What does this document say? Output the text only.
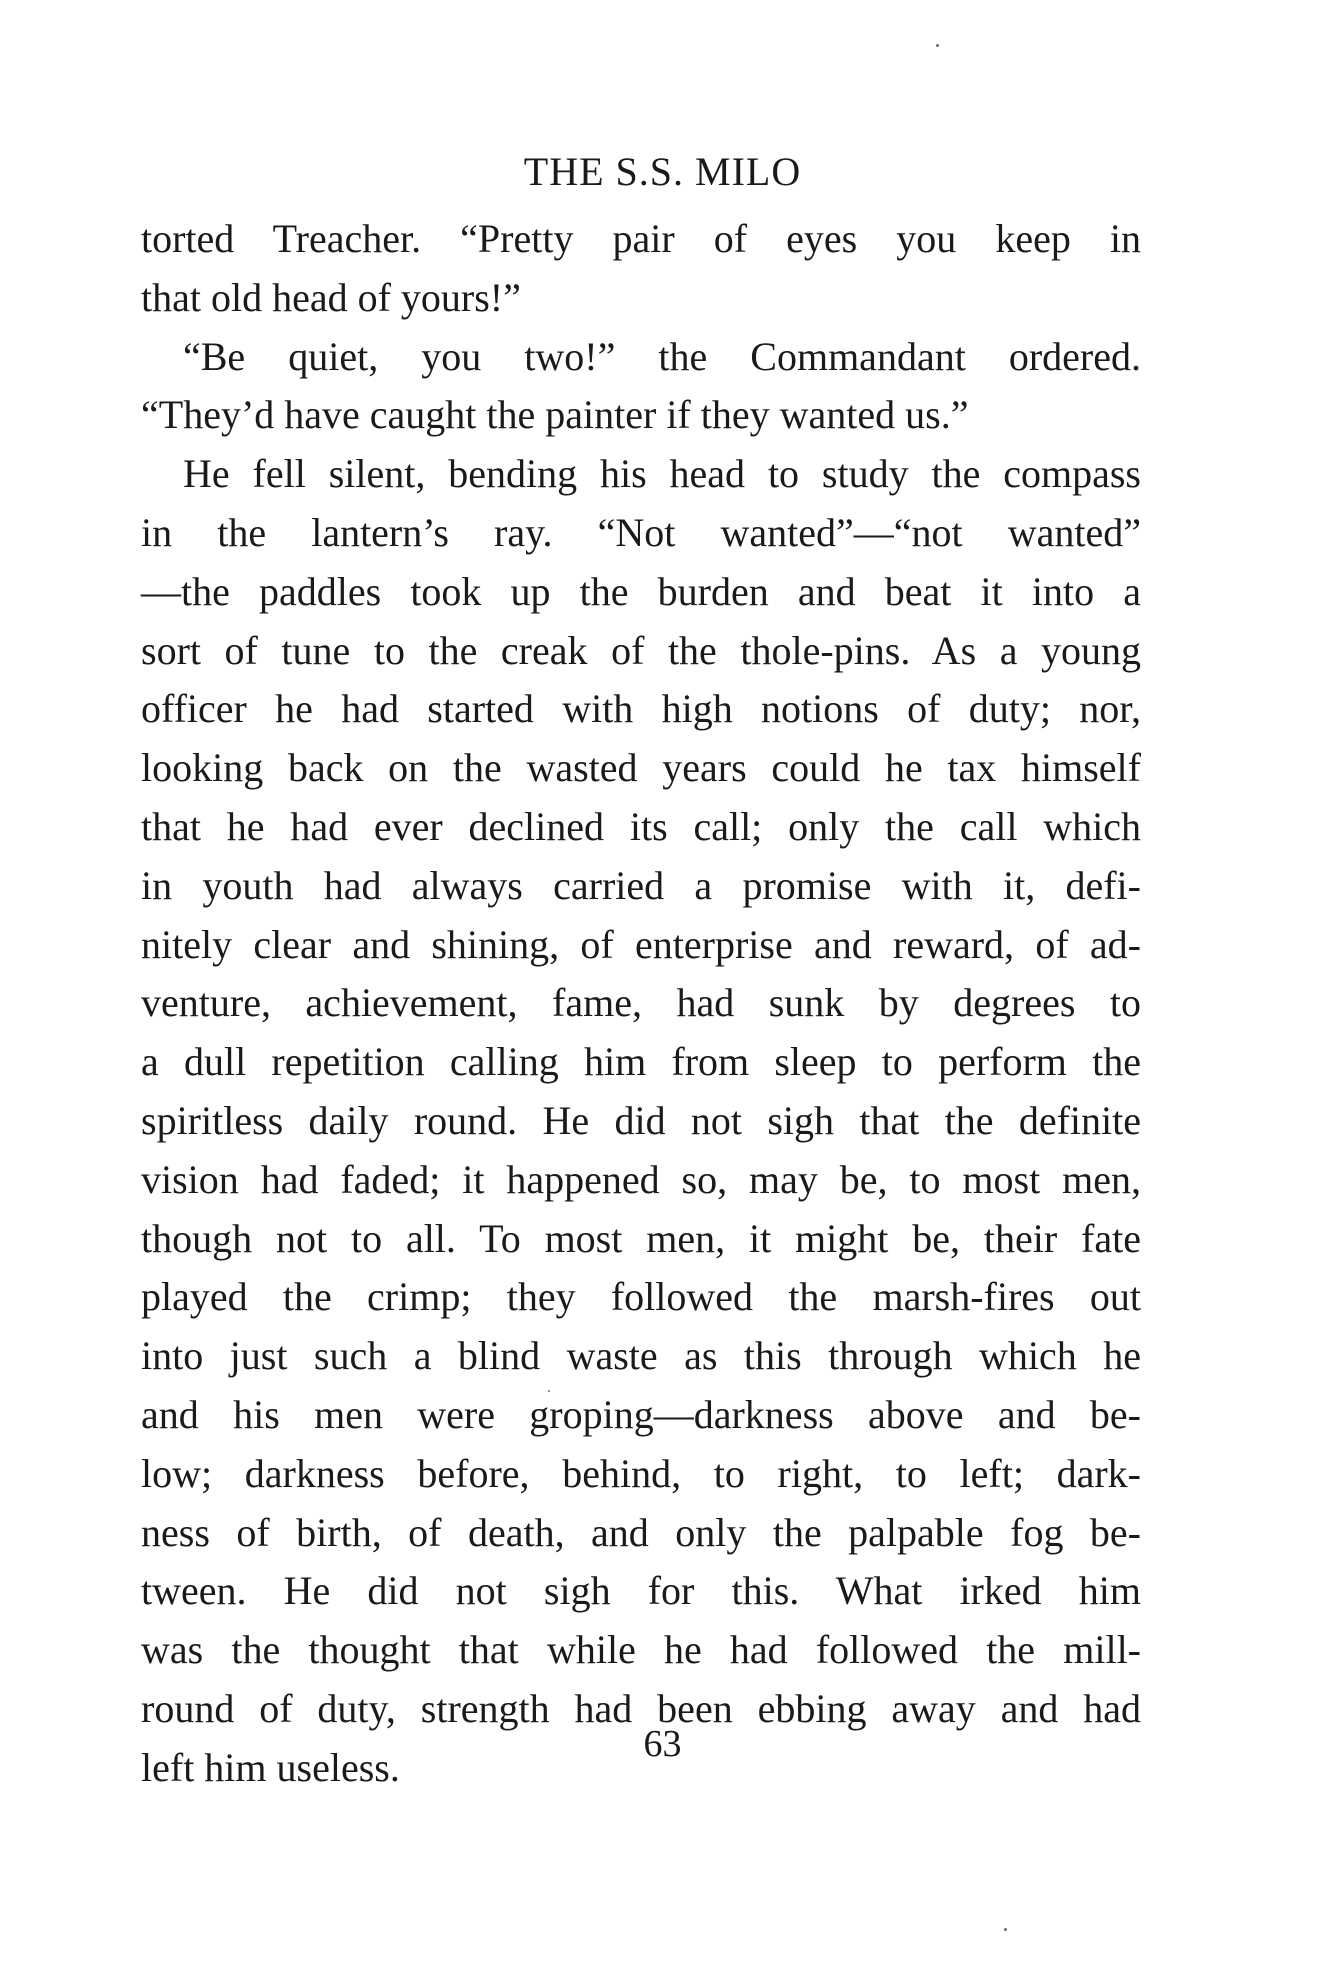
THE S.S. MILO
torted Treacher. “Pretty pair of eyes you keep in
that old head of yours!”
“Be quiet, you two!” the Commandant ordered.
“They’d have caught the painter if they wanted us.”
He fell silent, bending his head to study the compass
in the lantern’s ray. “Not wanted”—“not wanted”
—the paddles took up the burden and beat it into a
sort of tune to the creak of the thole-pins. As a young
officer he had started with high notions of duty; nor,
looking back on the wasted years could he tax himself
that he had ever declined its call; only the call which
in youth had always carried a promise with it, defi-
nitely clear and shining, of enterprise and reward, of ad-
venture, achievement, fame, had sunk by degrees to
a dull repetition calling him from sleep to perform the
spiritless daily round. He did not sigh that the definite
vision had faded; it happened so, may be, to most men,
though not to all. To most men, it might be, their fate
played the crimp; they followed the marsh-fires out
into just such a blind waste as this through which he
and his men were groping—darkness above and be-
low; darkness before, behind, to right, to left; dark-
ness of birth, of death, and only the palpable fog be-
tween. He did not sigh for this. What irked him
was the thought that while he had followed the mill-
round of duty, strength had been ebbing away and had
left him useless.
63
